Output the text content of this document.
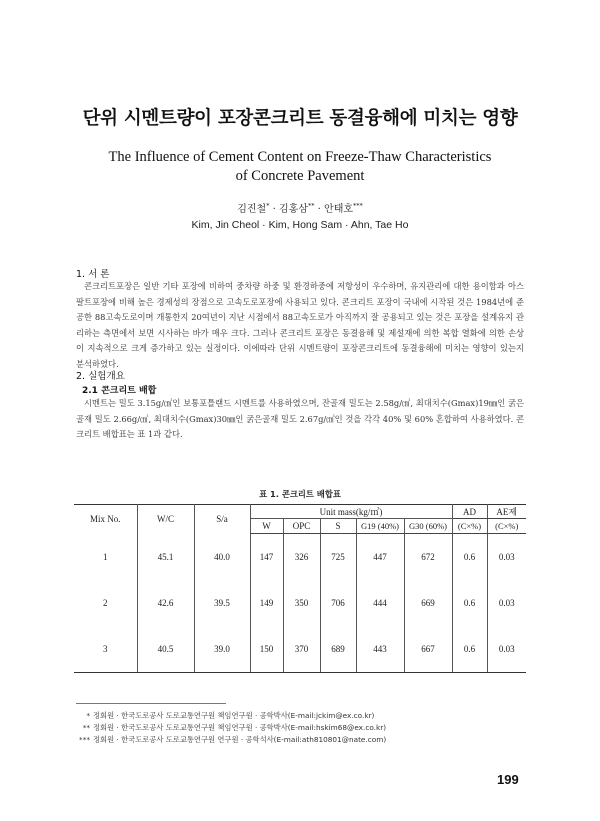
단위 시멘트량이 포장콘크리트 동결융해에 미치는 영향
The Influence of Cement Content on Freeze-Thaw Characteristics
of Concrete Pavement
김진철* · 김홍삼** · 안태호***
Kim, Jin Cheol · Kim, Hong Sam · Ahn, Tae Ho
1. 서 론
콘크리트포장은 일반 기타 포장에 비하여 중차량 하중 및 환경하중에 저항성이 우수하며, 유지관리에 대한 용이함과 아스팔트포장에 비해 높은 경제성의 장점으로 고속도로포장에 사용되고 있다. 콘크리트 포장이 국내에 시작된 것은 1984년에 준공한 88고속도로이며 개통한지 20여년이 지난 시점에서 88고속도로가 아직까지 잘 공용되고 있는 것은 포장을 설계유지 관리하는 측면에서 보면 시사하는 바가 매우 크다. 그러나 콘크리트 포장은 동결융해 및 제설재에 의한 복합 열화에 의한 손상이 지속적으로 크게 증가하고 있는 실정이다. 이에따라 단위 시멘트량이 포장콘크리트에 동결융해에 미치는 영향이 있는지 분석하였다.
2. 실험개요
2.1 콘크리트 배합
시멘트는 밀도 3.15g/㎤인 보통포틀랜드 시멘트를 사용하였으며, 잔골재 밀도는 2.58g/㎤, 최대치수(Gmax)19㎜인 굵은골재 밀도 2.66g/㎤, 최대치수(Gmax)30㎜인 굵은골재 밀도 2.67g/㎤인 것을 각각 40% 및 60% 혼합하여 사용하였다. 콘크리트 배합표는 표 1과 같다.
표 1. 콘크리트 배합표
Mix No.	W/C	S/a	Unit mass(kg/㎥)					AD	AE제
			W	OPC	S	G19 (40%)	G30 (60%)	(C×%)	(C×%)
1	45.1	40.0	147	326	725	447	672	0.6	0.03
2	42.6	39.5	149	350	706	444	669	0.6	0.03
3	40.5	39.0	150	370	689	443	667	0.6	0.03
* 정회원 · 한국도로공사 도로교통연구원 책임연구원 · 공학박사(E-mail:jckim@ex.co.kr)
** 정회원 · 한국도로공사 도로교통연구원 책임연구원 · 공학박사(E-mail:hskim68@ex.co.kr)
*** 정회원 · 한국도로공사 도로교통연구원 연구원 · 공학석사(E-mail:ath810801@nate.com)
199
